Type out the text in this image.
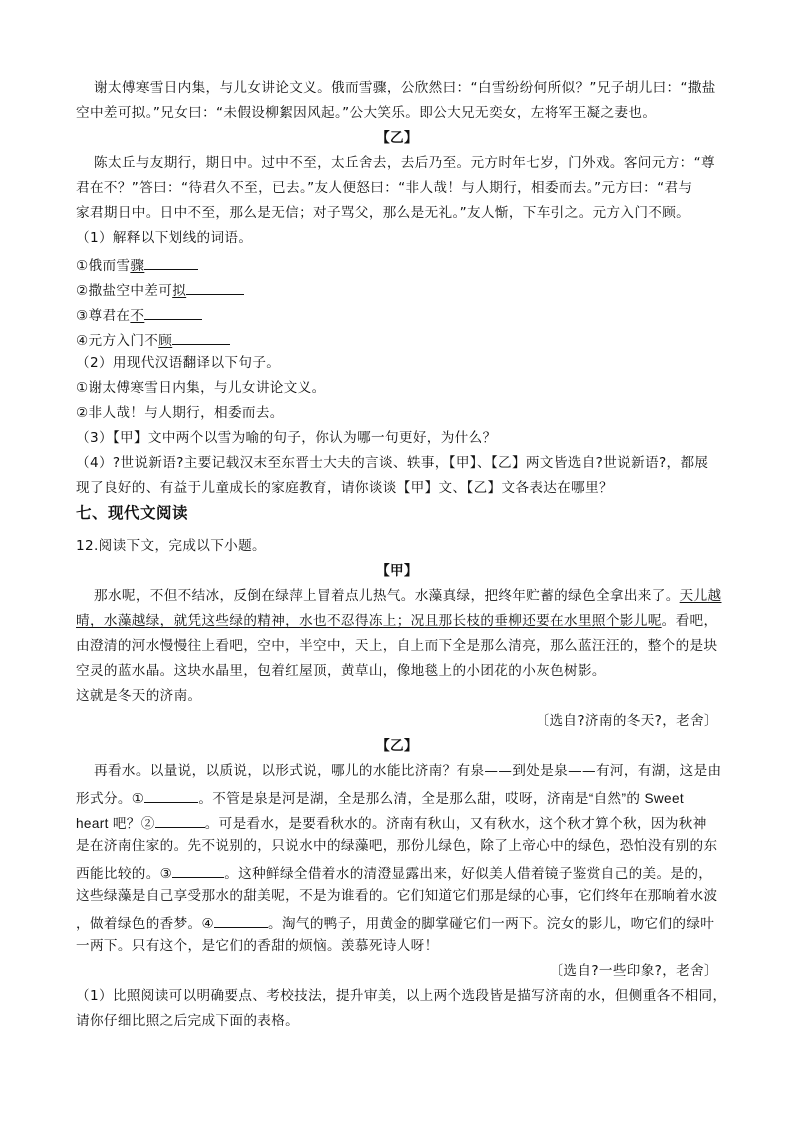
谢太傅寒雪日内集，与儿女讲论文义。俄而雪骤，公欣然曰：“白雪纷纷何所似？”兄子胡儿曰：“撒盐
空中差可拟。”兄女曰：“未假设柳絮因风起。”公大笑乐。即公大兄无奕女，左将军王凝之妻也。
【乙】
陈太丘与友期行，期日中。过中不至，太丘舍去，去后乃至。元方时年七岁，门外戏。客问元方：“尊
君在不？”答曰：“待君久不至，已去。”友人便怒曰：“非人哉！与人期行，相委而去。”元方曰：“君与
家君期日中。日中不至，那么是无信；对子骂父，那么是无礼。”友人惭，下车引之。元方入门不顾。
（1）解释以下划线的词语。
①俄而雪骤
②撒盐空中差可拟
③尊君在不
④元方入门不顾
（2）用现代汉语翻译以下句子。
①谢太傅寒雪日内集，与儿女讲论文义。
②非人哉！与人期行，相委而去。
（3）【甲】文中两个以雪为喻的句子，你认为哪一句更好，为什么？
（4）?世说新语?主要记载汉末至东晋士大夫的言谈、轶事，【甲】、【乙】两文皆选自?世说新语?，都展
现了良好的、有益于儿童成长的家庭教育，请你谈谈【甲】文、【乙】文各表达在哪里？
七、现代文阅读
12.阅读下文，完成以下小题。
【甲】
那水呢，不但不结冰，反倒在绿萍上冒着点儿热气。水藻真绿，把终年贮蓄的绿色全拿出来了。天儿越
晴，水藻越绿，就凭这些绿的精神，水也不忍得冻上；况且那长枝的垂柳还要在水里照个影儿呢。看吧，
由澄清的河水慢慢往上看吧，空中，半空中，天上，自上而下全是那么清亮，那么蓝汪汪的，整个的是块
空灵的蓝水晶。这块水晶里，包着红屋顶，黄草山，像地毯上的小团花的小灰色树影。
这就是冬天的济南。
〔选自?济南的冬天?，老舍〕
【乙】
再看水。以量说，以质说，以形式说，哪儿的水能比济南？有泉——到处是泉——有河，有湖，这是由
形式分。①	。不管是泉是河是湖，全是那么清，全是那么甜，哎呀，济南是“自然”的 Sweet
heart 吧？②	。可是看水，是要看秋水的。济南有秋山，又有秋水，这个秋才算个秋，因为秋神
是在济南住家的。先不说别的，只说水中的绿藻吧，那份儿绿色，除了上帝心中的绿色，恐怕没有别的东
西能比较的。③	。这种鲜绿全借着水的清澄显露出来，好似美人借着镜子鉴赏自己的美。是的，
这些绿藻是自己享受那水的甜美呢，不是为谁看的。它们知道它们那是绿的心事，它们终年在那晌着水波
，做着绿色的香梦。④	。淘气的鸭子，用黄金的脚掌碰它们一两下。浣女的影儿，吻它们的绿叶
一两下。只有这个，是它们的香甜的烦恼。羡慕死诗人呀！
〔选自?一些印象?，老舍〕
（1）比照阅读可以明确要点、考校技法，提升审美，以上两个选段皆是描写济南的水，但侧重各不相同，
请你仔细比照之后完成下面的表格。
